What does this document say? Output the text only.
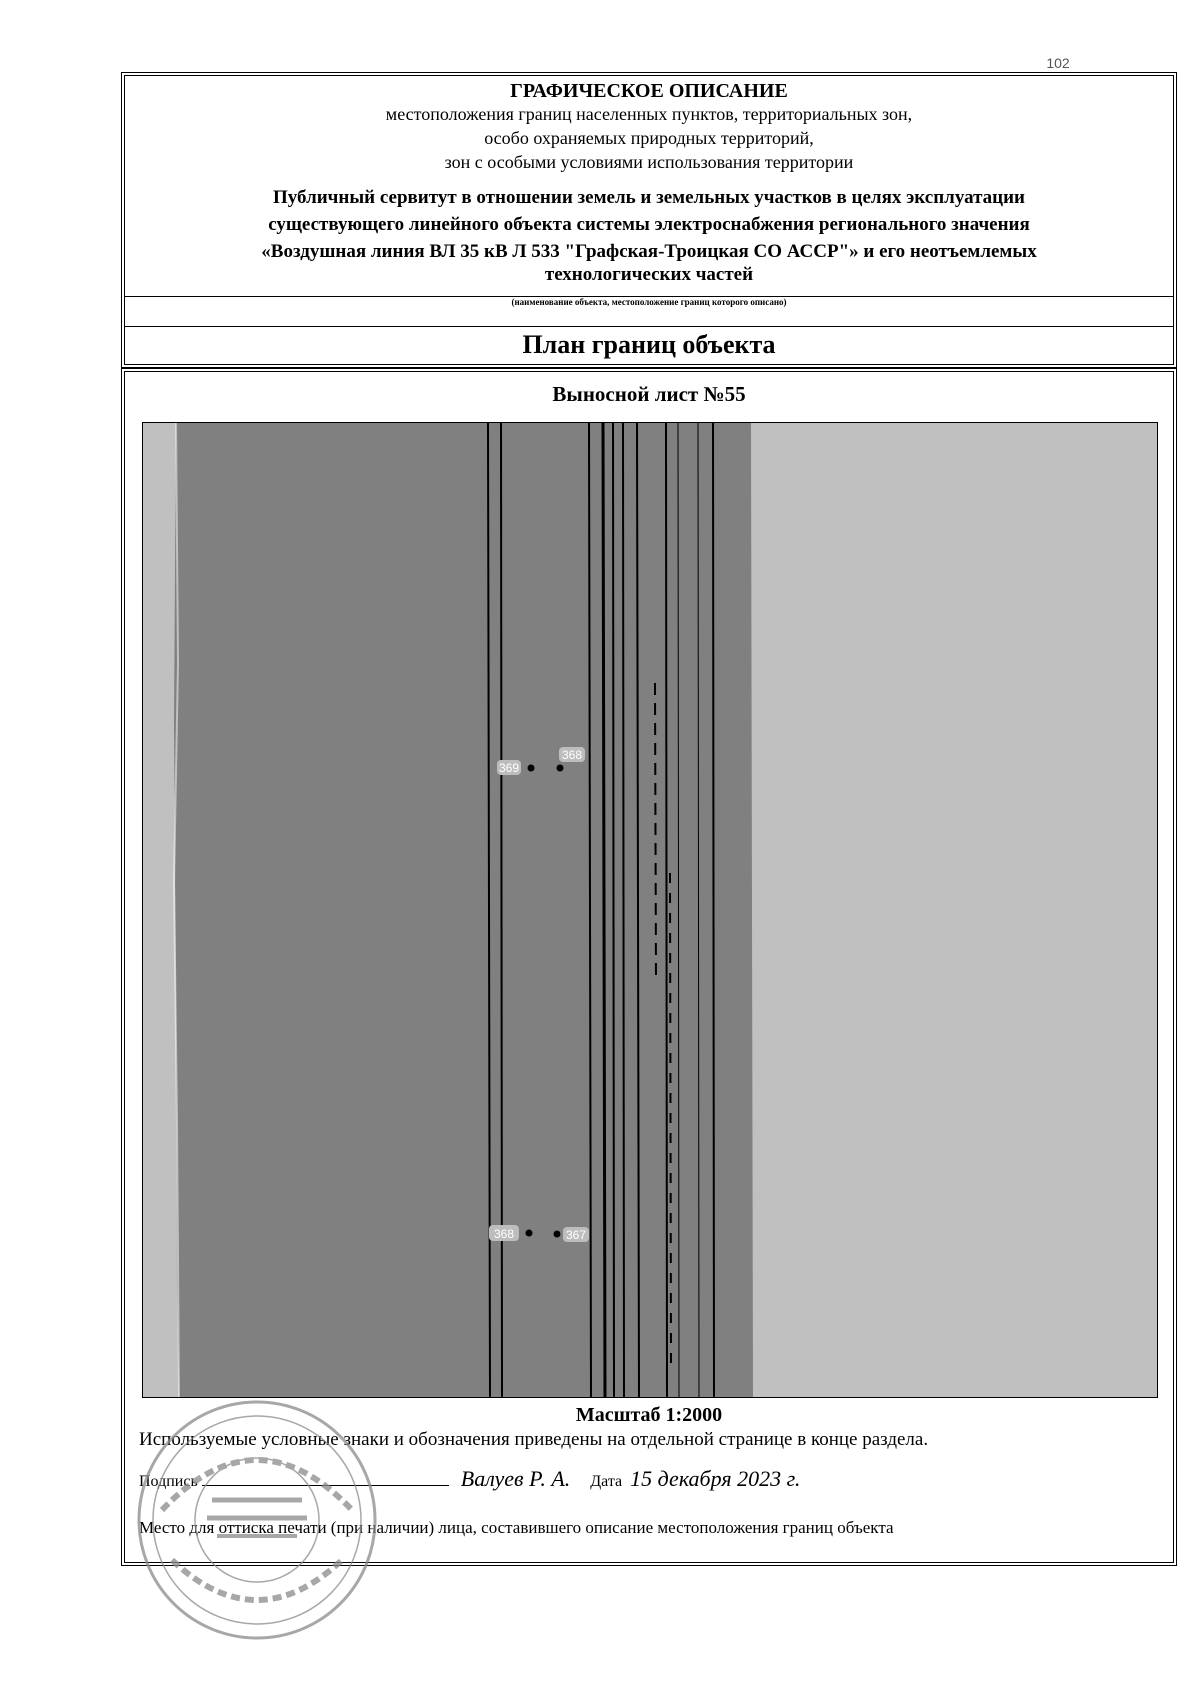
102
ГРАФИЧЕСКОЕ ОПИСАНИЕ
местоположения границ населенных пунктов, территориальных зон,
особо охраняемых природных территорий,
зон с особыми условиями использования территории
Публичный сервитут в отношении земель и земельных участков в целях эксплуатации
существующего линейного объекта системы электроснабжения регионального значения
«Воздушная линия ВЛ 35 кВ Л 533 "Графская-Троицкая СО АССР"» и его неотъемлемых
технологических частей
(наименование объекта, местоположение границ которого описано)
План границ объекта
Выносной лист №55
369
368
368	367
Масштаб 1:2000
Используемые условные знаки и обозначения приведены на отдельной странице в конце раздела.
Подпись	Валуев Р. А. Дата 15 декабря 2023 г.
Место для оттиска печати (при наличии) лица, составившего описание местоположения границ объекта
